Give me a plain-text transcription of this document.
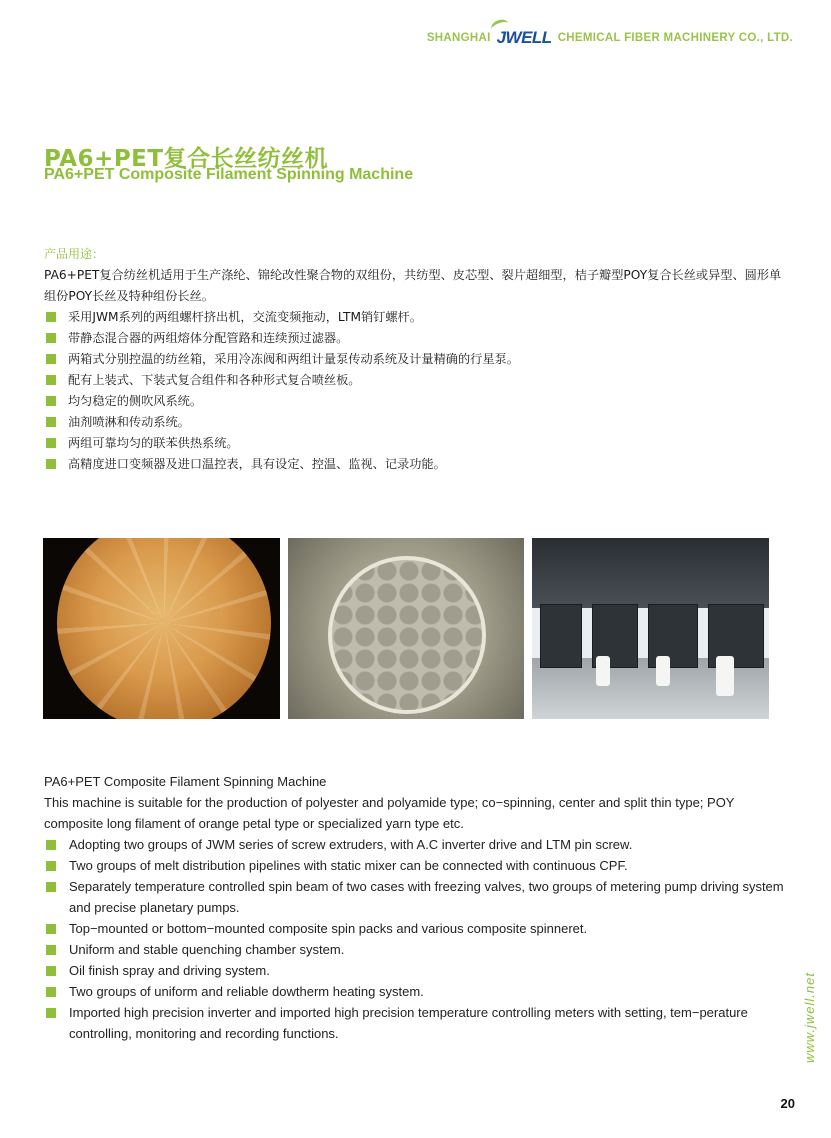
SHANGHAI JWELL CHEMICAL FIBER MACHINERY CO., LTD.
PA6+PET复合长丝纺丝机
PA6+PET Composite Filament Spinning Machine
产品用途：

PA6+PET复合纺丝机适用于生产涤纶、锦纶改性聚合物的双组份，共纺型、皮芯型、裂片超细型，桔子瓣型POY复合长丝或异型、圆形单组份POY长丝及特种组份长丝。

采用JWM系列的两组螺杆挤出机，交流变频拖动，LTM销钉螺杆。
带静态混合器的两组熔体分配管路和连续预过滤器。
两箱式分别控温的纺丝箱，采用冷冻阀和两组计量泵传动系统及计量精确的行星泵。
配有上装式、下装式复合组件和各种形式复合喷丝板。
均匀稳定的侧吹风系统。
油剂喷淋和传动系统。
两组可靠均匀的联苯供热系统。
高精度进口变频器及进口温控表，具有设定、控温、监视、记录功能。

PA6+PET Composite Filament Spinning Machine

This machine is suitable for the production of polyester and polyamide type; co−spinning, center and split thin type; POY composite long filament of orange petal type or specialized yarn type etc.

Adopting two groups of JWM series of screw extruders, with A.C inverter drive and LTM pin screw.
Two groups of melt distribution pipelines with static mixer can be connected with continuous CPF.
Separately temperature controlled spin beam of two cases with freezing valves, two groups of metering pump driving system and precise planetary pumps.
Top−mounted or bottom−mounted composite spin packs and various composite spinneret.
Uniform and stable quenching chamber system.
Oil finish spray and driving system.
Two groups of uniform and reliable dowtherm heating system.
Imported high precision inverter and imported high precision temperature controlling meters with setting, tem−perature controlling, monitoring and recording functions.	www.jwell.net
20
